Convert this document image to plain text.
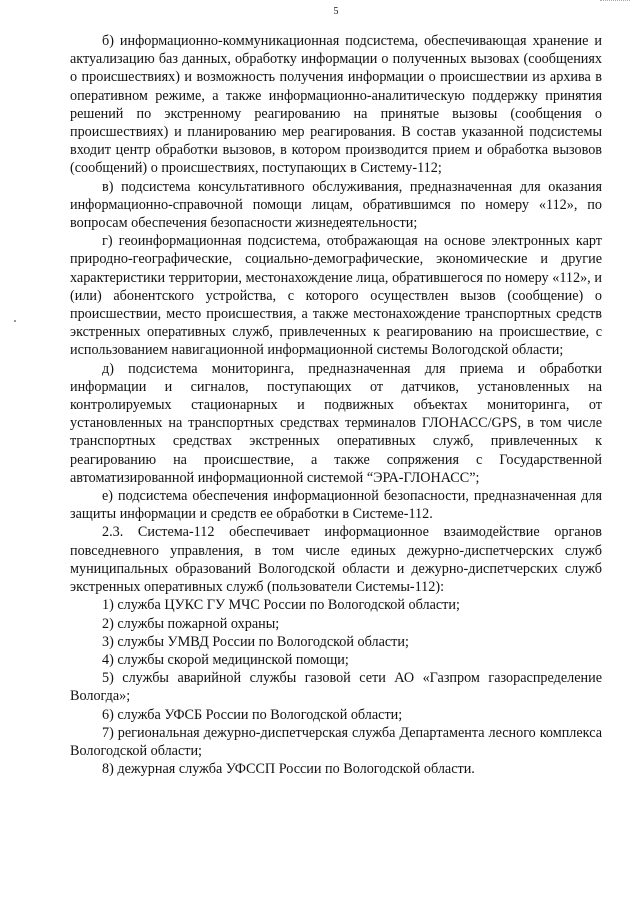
5

б) информационно-коммуникационная подсистема, обеспечивающая хранение и актуализацию баз данных, обработку информации о полученных вызовах (сообщениях о происшествиях) и возможность получения информации о происшествии из архива в оперативном режиме, а также информационно-аналитическую поддержку принятия решений по экстренному реагированию на принятые вызовы (сообщения о происшествиях) и планированию мер реагирования. В состав указанной подсистемы входит центр обработки вызовов, в котором производится прием и обработка вызовов (сообщений) о происшествиях, поступающих в Систему-112;

в) подсистема консультативного обслуживания, предназначенная для оказания информационно-справочной помощи лицам, обратившимся по номеру «112», по вопросам обеспечения безопасности жизнедеятельности;

г) геоинформационная подсистема, отображающая на основе электронных карт природно-географические, социально-демографические, экономические и другие характеристики территории, местонахождение лица, обратившегося по номеру «112», и (или) абонентского устройства, с которого осуществлен вызов (сообщение) о происшествии, место происшествия, а также местонахождение транспортных средств экстренных оперативных служб, привлеченных к реагированию на происшествие, с использованием навигационной информационной системы Вологодской области;

д) подсистема мониторинга, предназначенная для приема и обработки информации и сигналов, поступающих от датчиков, установленных на контролируемых стационарных и подвижных объектах мониторинга, от установленных на транспортных средствах терминалов ГЛОНАСС/GPS, в том числе транспортных средствах экстренных оперативных служб, привлеченных к реагированию на происшествие, а также сопряжения с Государственной автоматизированной информационной системой “ЭРА-ГЛОНАСС”;

е) подсистема обеспечения информационной безопасности, предназначенная для защиты информации и средств ее обработки в Системе-112.

2.3. Система-112 обеспечивает информационное взаимодействие органов повседневного управления, в том числе единых дежурно-диспетчерских служб муниципальных образований Вологодской области и дежурно-диспетчерских служб экстренных оперативных служб (пользователи Системы-112):

1) служба ЦУКС ГУ МЧС России по Вологодской области;

2) службы пожарной охраны;

3) службы УМВД России по Вологодской области;

4) службы скорой медицинской помощи;

5) службы аварийной службы газовой сети АО «Газпром газораспределение Вологда»;

6) служба УФСБ России по Вологодской области;

7) региональная дежурно-диспетчерская служба Департамента лесного комплекса Вологодской области;

8) дежурная служба УФССП России по Вологодской области.
